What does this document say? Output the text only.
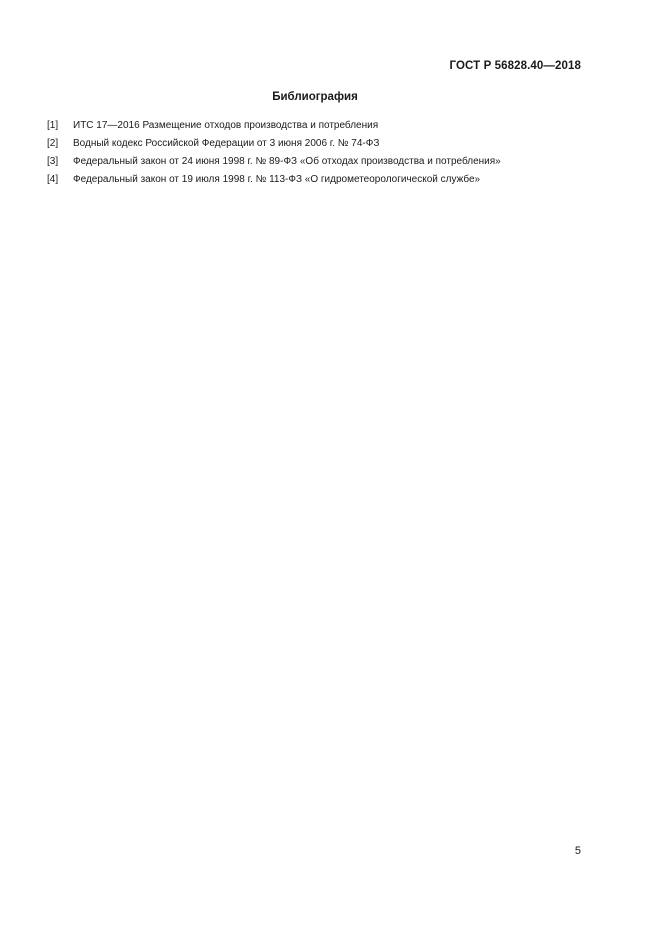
ГОСТ Р 56828.40—2018
Библиография
[1]	ИТС 17—2016 Размещение отходов производства и потребления
[2]	Водный кодекс Российской Федерации от 3 июня 2006 г. № 74-ФЗ
[3]	Федеральный закон от 24 июня 1998 г. № 89-ФЗ «Об отходах производства и потребления»
[4]	Федеральный закон от 19 июля 1998 г. № 113-ФЗ «О гидрометеорологической службе»
5
